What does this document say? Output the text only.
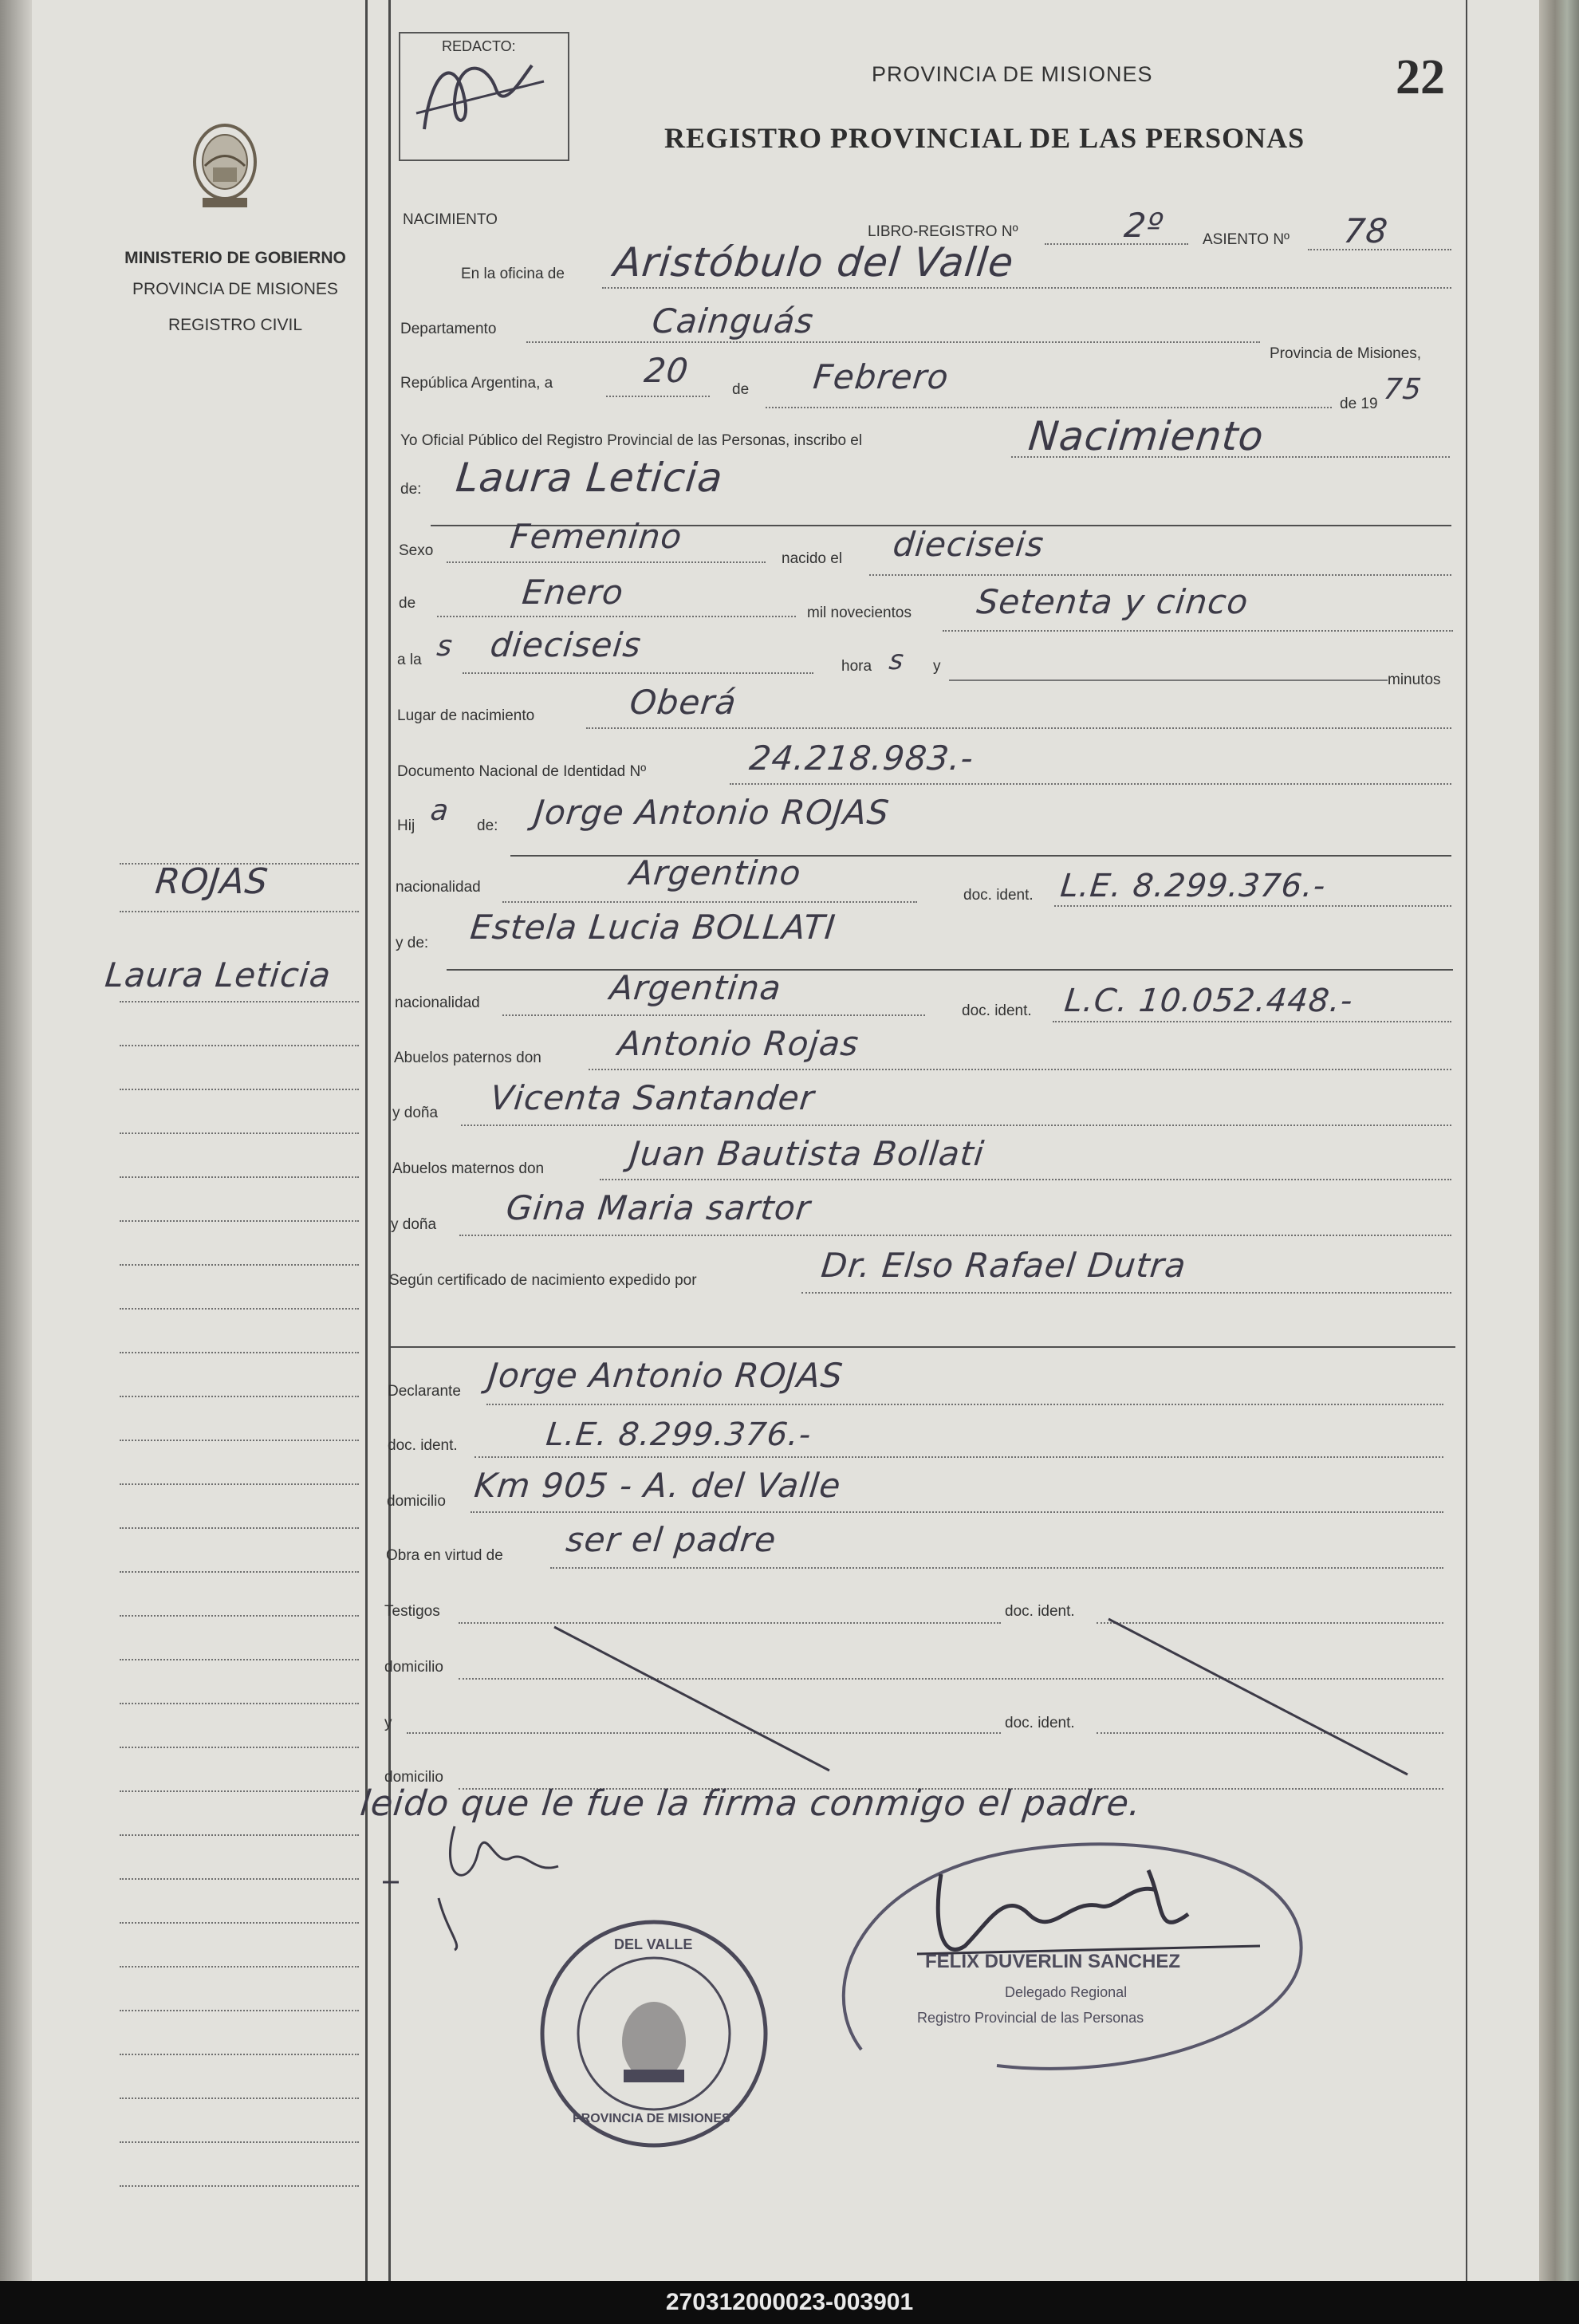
MINISTERIO DE GOBIERNO
PROVINCIA DE MISIONES
REGISTRO CIVIL
REDACTO:
PROVINCIA DE MISIONES
REGISTRO PROVINCIAL DE LAS PERSONAS
22
NACIMIENTO
LIBRO-REGISTRO Nº	2º ASIENTO Nº 78
En la oficina de Aristóbulo del Valle
Departamento	Cainguás
Provincia de Misiones,
República Argentina, a	20	de Febrero
de 19 75
Yo Oficial Público del Registro Provincial de las Personas, inscribo el	Nacimiento
de: Laura Leticia
Sexo Femenino
nacido el dieciseis
de	Enero
mil novecientos Setenta y cinco
a la s dieciseis
hora s y
minutos
Lugar de nacimiento	Oberá
Documento Nacional de Identidad Nº	24.218.983.-
Hij a de: Jorge Antonio ROJAS
nacionalidad	Argentino
doc. ident. L.E. 8.299.376.-
y de: Estela Lucia BOLLATI
nacionalidad	Argentina
doc. ident. L.C. 10.052.448.-
Abuelos paternos don Antonio Rojas
y doña Vicenta Santander
Abuelos maternos don	Juan Bautista Bollati
y doña Gina Maria sartor
Según certificado de nacimiento expedido por	Dr. Elso Rafael Dutra
Declarante Jorge Antonio ROJAS
doc. ident.	L.E. 8.299.376.-
domicilio Km 905 - A. del Valle
Obra en virtud de ser el padre
Testigos	doc. ident.
domicilio
y	doc. ident.
domicilio
leido que le fue la firma conmigo el padre.
DEL VALLE
PROVINCIA DE MISIONES
FELIX DUVERLIN SANCHEZ
Delegado Regional
Registro Provincial de las Personas
ROJAS
Laura Leticia
270312000023-003901
